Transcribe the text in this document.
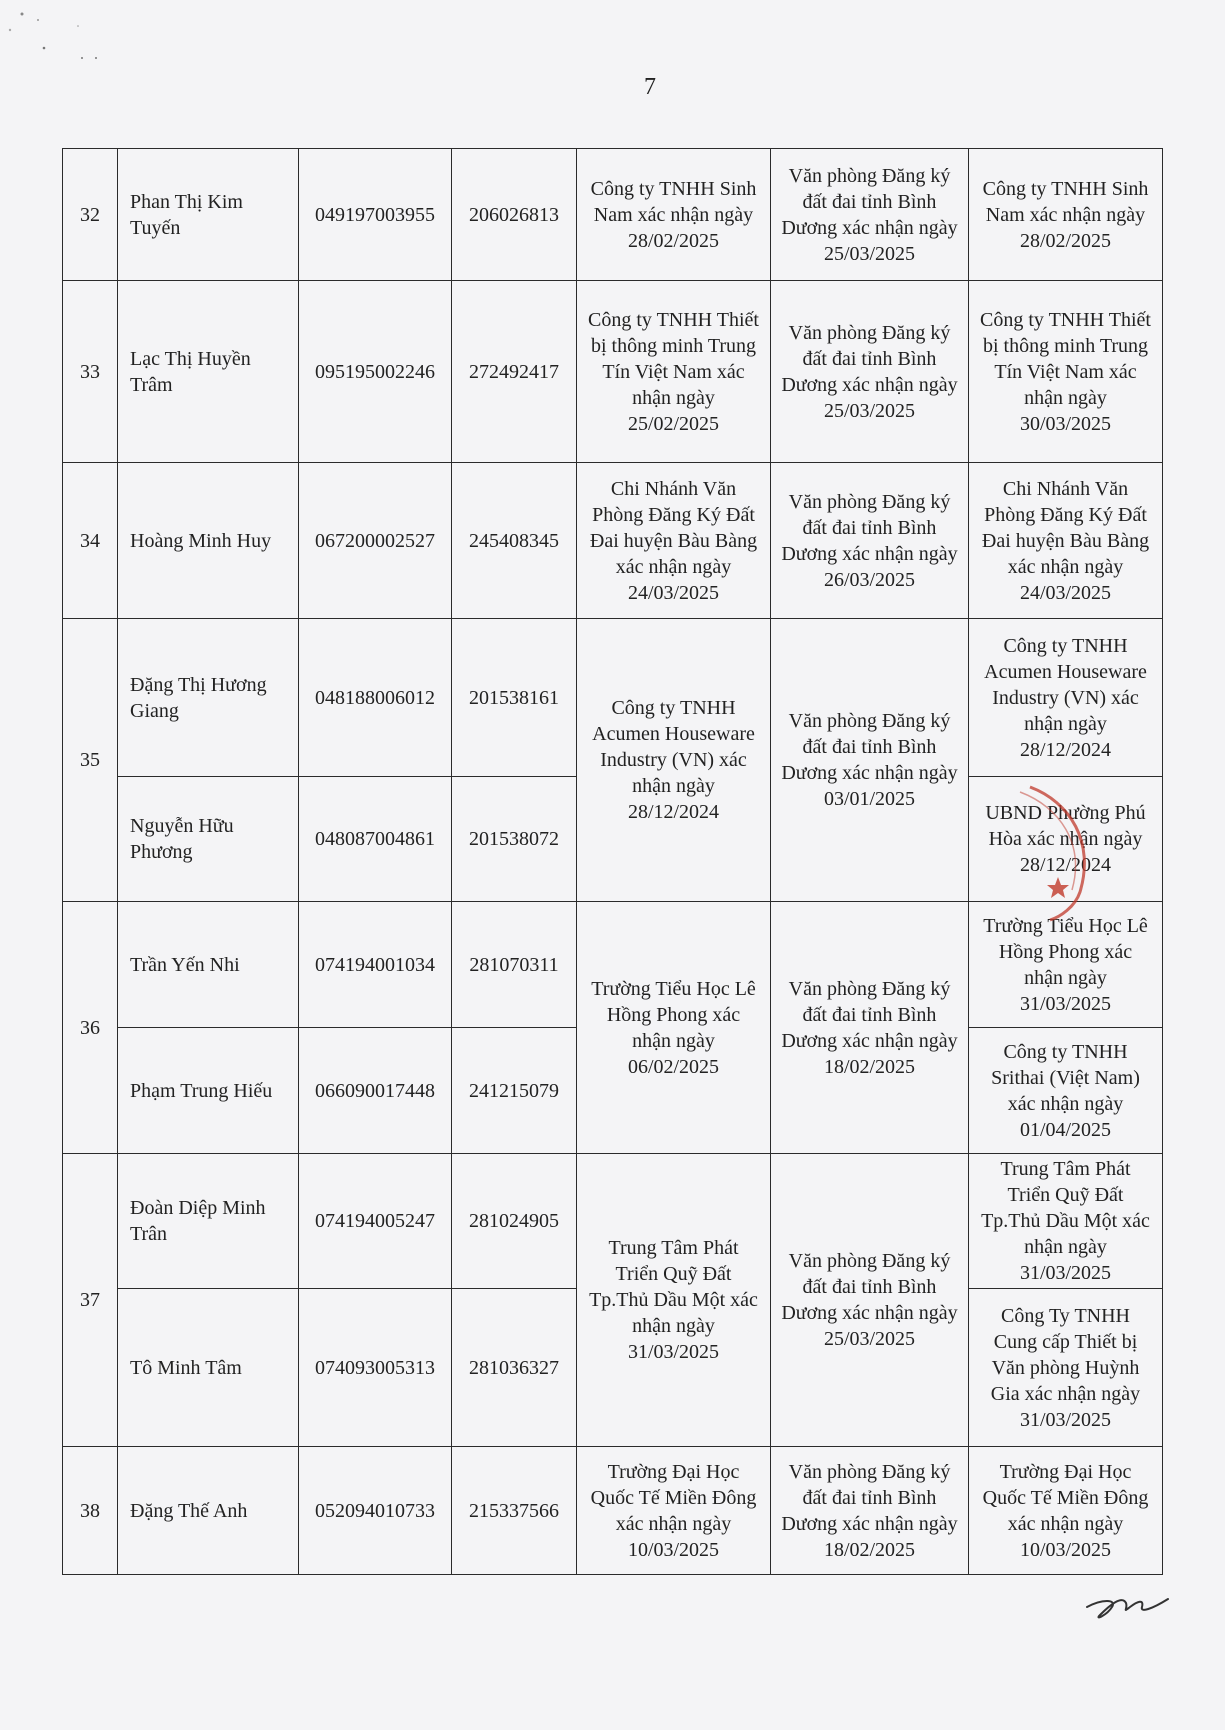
7
32	Phan Thị Kim Tuyến	049197003955	206026813	Công ty TNHH Sinh Nam xác nhận ngày 28/02/2025	Văn phòng Đăng ký đất đai tỉnh Bình Dương xác nhận ngày 25/03/2025	Công ty TNHH Sinh Nam xác nhận ngày 28/02/2025
33	Lạc Thị Huyền Trâm	095195002246	272492417	Công ty TNHH Thiết bị thông minh Trung Tín Việt Nam xác nhận ngày 25/02/2025	Văn phòng Đăng ký đất đai tỉnh Bình Dương xác nhận ngày 25/03/2025	Công ty TNHH Thiết bị thông minh Trung Tín Việt Nam xác nhận ngày 30/03/2025
34	Hoàng Minh Huy	067200002527	245408345	Chi Nhánh Văn Phòng Đăng Ký Đất Đai huyện Bàu Bàng xác nhận ngày 24/03/2025	Văn phòng Đăng ký đất đai tỉnh Bình Dương xác nhận ngày 26/03/2025	Chi Nhánh Văn Phòng Đăng Ký Đất Đai huyện Bàu Bàng xác nhận ngày 24/03/2025
35	Đặng Thị Hương Giang	048188006012	201538161	Công ty TNHH Acumen Houseware Industry (VN) xác nhận ngày 28/12/2024	Văn phòng Đăng ký đất đai tỉnh Bình Dương xác nhận ngày 03/01/2025	Công ty TNHH Acumen Houseware Industry (VN) xác nhận ngày 28/12/2024
	Nguyễn Hữu Phương	048087004861	201538072			UBND Phường Phú Hòa xác nhận ngày 28/12/2024
36	Trần Yến Nhi	074194001034	281070311	Trường Tiểu Học Lê Hồng Phong xác nhận ngày 06/02/2025	Văn phòng Đăng ký đất đai tỉnh Bình Dương xác nhận ngày 18/02/2025	Trường Tiểu Học Lê Hồng Phong xác nhận ngày 31/03/2025
	Phạm Trung Hiếu	066090017448	241215079			Công ty TNHH Srithai (Việt Nam) xác nhận ngày 01/04/2025
37	Đoàn Diệp Minh Trân	074194005247	281024905	Trung Tâm Phát Triển Quỹ Đất Tp.Thủ Dầu Một xác nhận ngày 31/03/2025	Văn phòng Đăng ký đất đai tỉnh Bình Dương xác nhận ngày 25/03/2025	Trung Tâm Phát Triển Quỹ Đất Tp.Thủ Dầu Một xác nhận ngày 31/03/2025
	Tô Minh Tâm	074093005313	281036327			Công Ty TNHH Cung cấp Thiết bị Văn phòng Huỳnh Gia xác nhận ngày 31/03/2025
38	Đặng Thế Anh	052094010733	215337566	Trường Đại Học Quốc Tế Miền Đông xác nhận ngày 10/03/2025	Văn phòng Đăng ký đất đai tỉnh Bình Dương xác nhận ngày 18/02/2025	Trường Đại Học Quốc Tế Miền Đông xác nhận ngày 10/03/2025
